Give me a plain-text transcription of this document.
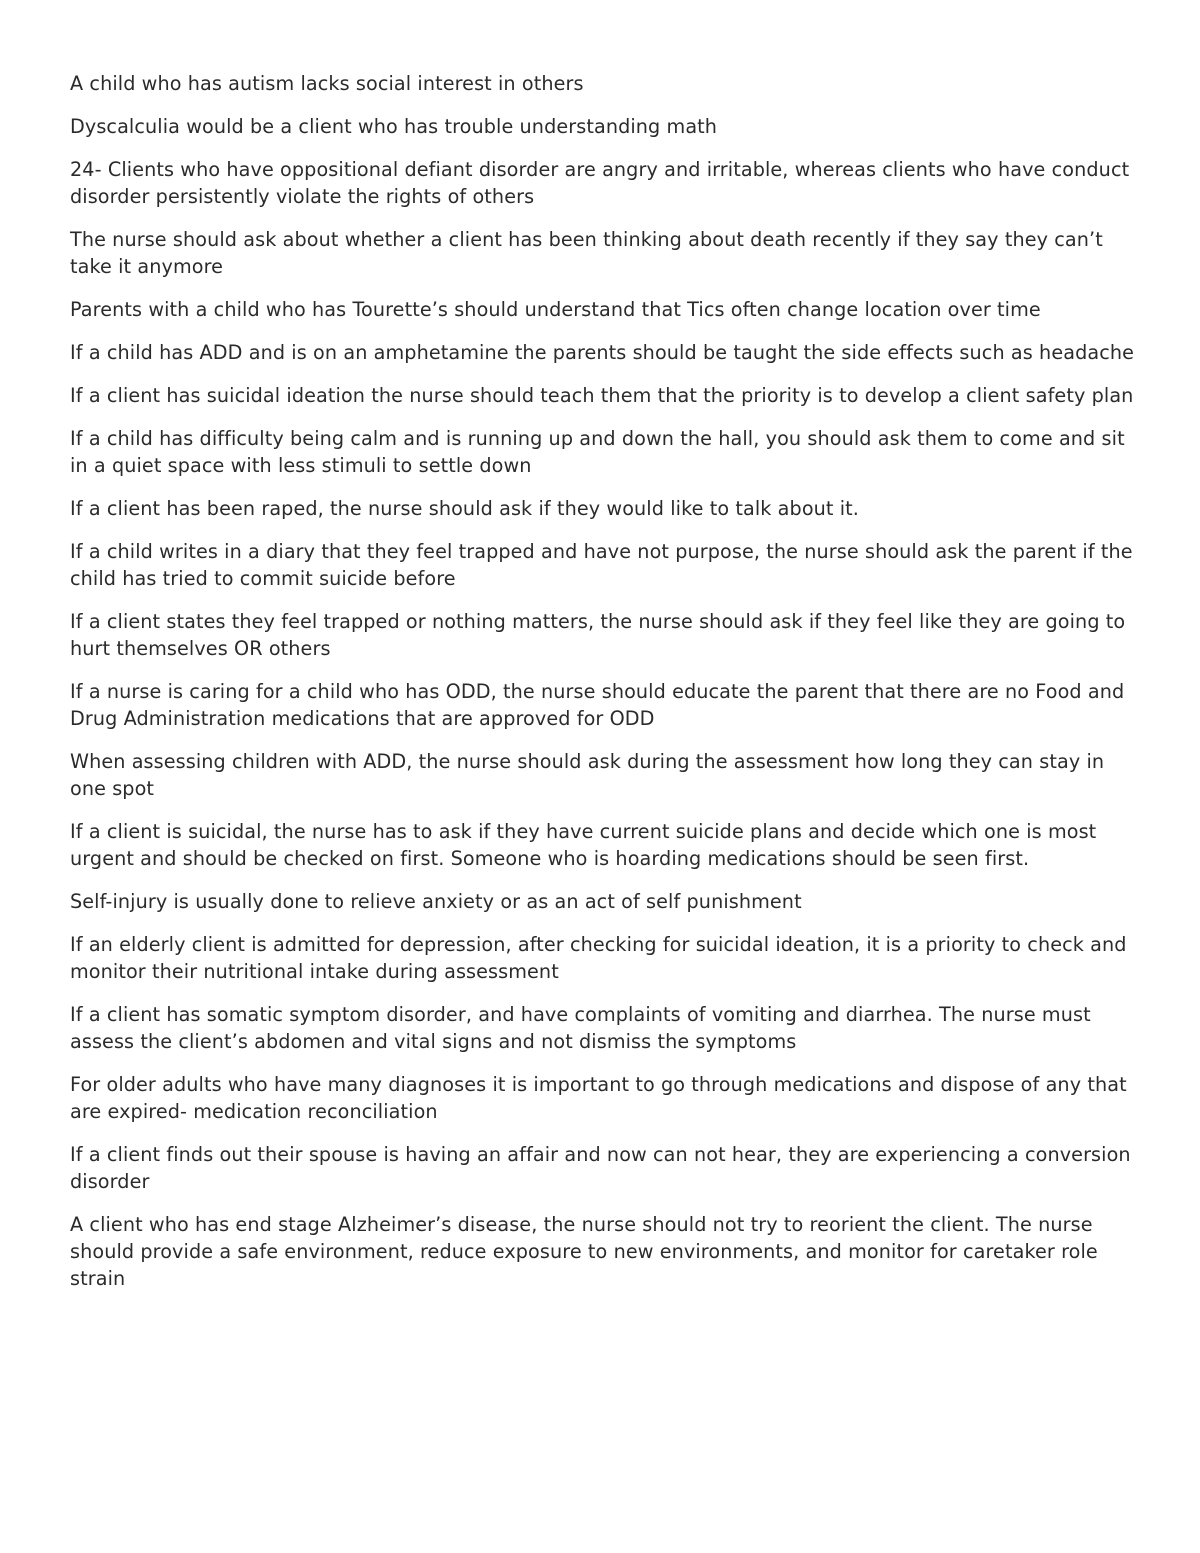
A child who has autism lacks social interest in others

Dyscalculia would be a client who has trouble understanding math

24- Clients who have oppositional defiant disorder are angry and irritable, whereas clients who have conduct disorder persistently violate the rights of others

The nurse should ask about whether a client has been thinking about death recently if they say they can’t take it anymore

Parents with a child who has Tourette’s should understand that Tics often change location over time

If a child has ADD and is on an amphetamine the parents should be taught the side effects such as headache

If a client has suicidal ideation the nurse should teach them that the priority is to develop a client safety plan

If a child has difficulty being calm and is running up and down the hall, you should ask them to come and sit in a quiet space with less stimuli to settle down

If a client has been raped, the nurse should ask if they would like to talk about it.

If a child writes in a diary that they feel trapped and have not purpose, the nurse should ask the parent if the child has tried to commit suicide before

If a client states they feel trapped or nothing matters, the nurse should ask if they feel like they are going to hurt themselves OR others

If a nurse is caring for a child who has ODD, the nurse should educate the parent that there are no Food and Drug Administration medications that are approved for ODD

When assessing children with ADD, the nurse should ask during the assessment how long they can stay in one spot

If a client is suicidal, the nurse has to ask if they have current suicide plans and decide which one is most urgent and should be checked on first. Someone who is hoarding medications should be seen first.

Self-injury is usually done to relieve anxiety or as an act of self punishment

If an elderly client is admitted for depression, after checking for suicidal ideation, it is a priority to check and monitor their nutritional intake during assessment

If a client has somatic symptom disorder, and have complaints of vomiting and diarrhea. The nurse must assess the client’s abdomen and vital signs and not dismiss the symptoms

For older adults who have many diagnoses it is important to go through medications and dispose of any that are expired- medication reconciliation

If a client finds out their spouse is having an affair and now can not hear, they are experiencing a conversion disorder

A client who has end stage Alzheimer’s disease, the nurse should not try to reorient the client. The nurse should provide a safe environment, reduce exposure to new environments, and monitor for caretaker role strain
